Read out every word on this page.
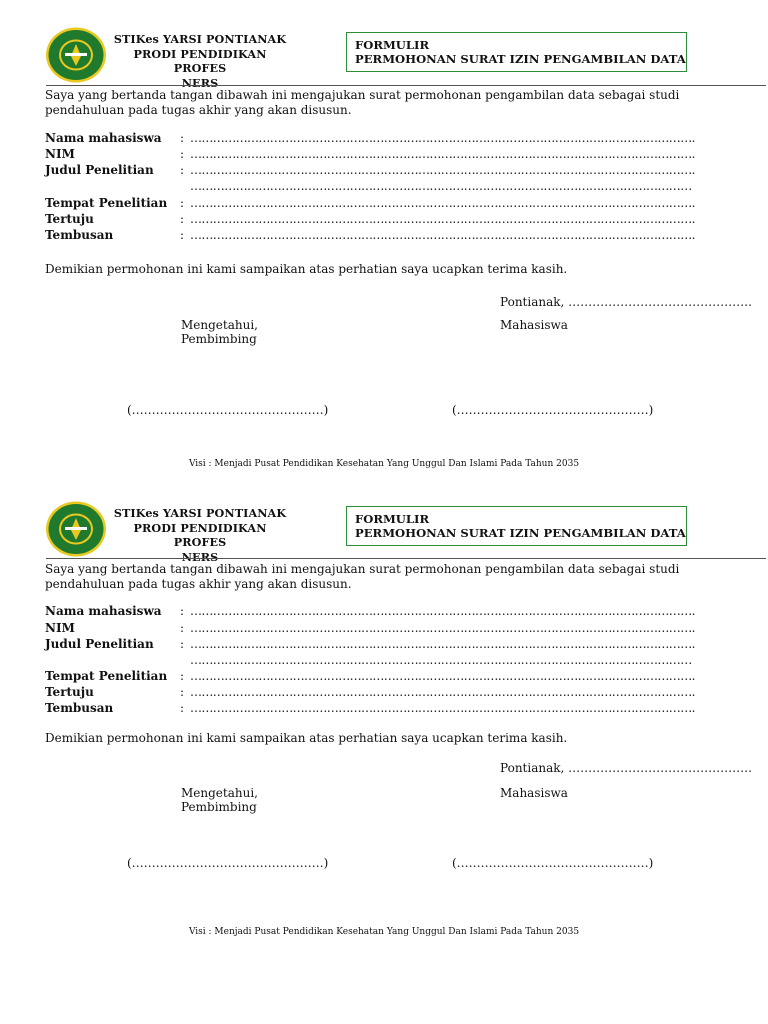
STIKes YARSI PONTIANAK
PRODI PENDIDIKAN PROFES
NERS
FORMULIR
PERMOHONAN SURAT IZIN PENGAMBILAN DATA
Saya yang bertanda tangan dibawah ini mengajukan surat permohonan pengambilan data sebagai studi pendahuluan pada tugas akhir yang akan disusun.
Nama mahasiswa : …………………………………………………………………………………………………………………….
NIM	: …………………………………………………………………………………………………………………….
Judul Penelitian : …………………………………………………………………………………………………………………….
……………………………………………………………………………………………………………………
Tempat Penelitian : …………………………………………………………………………………………………………………….
Tertuju	: …………………………………………………………………………………………………………………….
Tembusan	: …………………………………………………………………………………………………………………….
Demikian permohonan ini kami sampaikan atas perhatian saya ucapkan terima kasih.
Pontianak, ……………………………………….
Mengetahui,
Pembimbing
Mahasiswa
(…………………………………………)	(…………………………………………)
Visi : Menjadi Pusat Pendidikan Kesehatan Yang Unggul Dan Islami Pada Tahun 2035
STIKes YARSI PONTIANAK
PRODI PENDIDIKAN PROFES
NERS
FORMULIR
PERMOHONAN SURAT IZIN PENGAMBILAN DATA
Saya yang bertanda tangan dibawah ini mengajukan surat permohonan pengambilan data sebagai studi pendahuluan pada tugas akhir yang akan disusun.
Nama mahasiswa : …………………………………………………………………………………………………………………….
NIM	: …………………………………………………………………………………………………………………….
Judul Penelitian : …………………………………………………………………………………………………………………….
……………………………………………………………………………………………………………………
Tempat Penelitian : …………………………………………………………………………………………………………………….
Tertuju	: …………………………………………………………………………………………………………………….
Tembusan	: …………………………………………………………………………………………………………………….
Demikian permohonan ini kami sampaikan atas perhatian saya ucapkan terima kasih.
Pontianak, ……………………………………….
Mengetahui,
Pembimbing
Mahasiswa
(…………………………………………)	(…………………………………………)
Visi : Menjadi Pusat Pendidikan Kesehatan Yang Unggul Dan Islami Pada Tahun 2035
